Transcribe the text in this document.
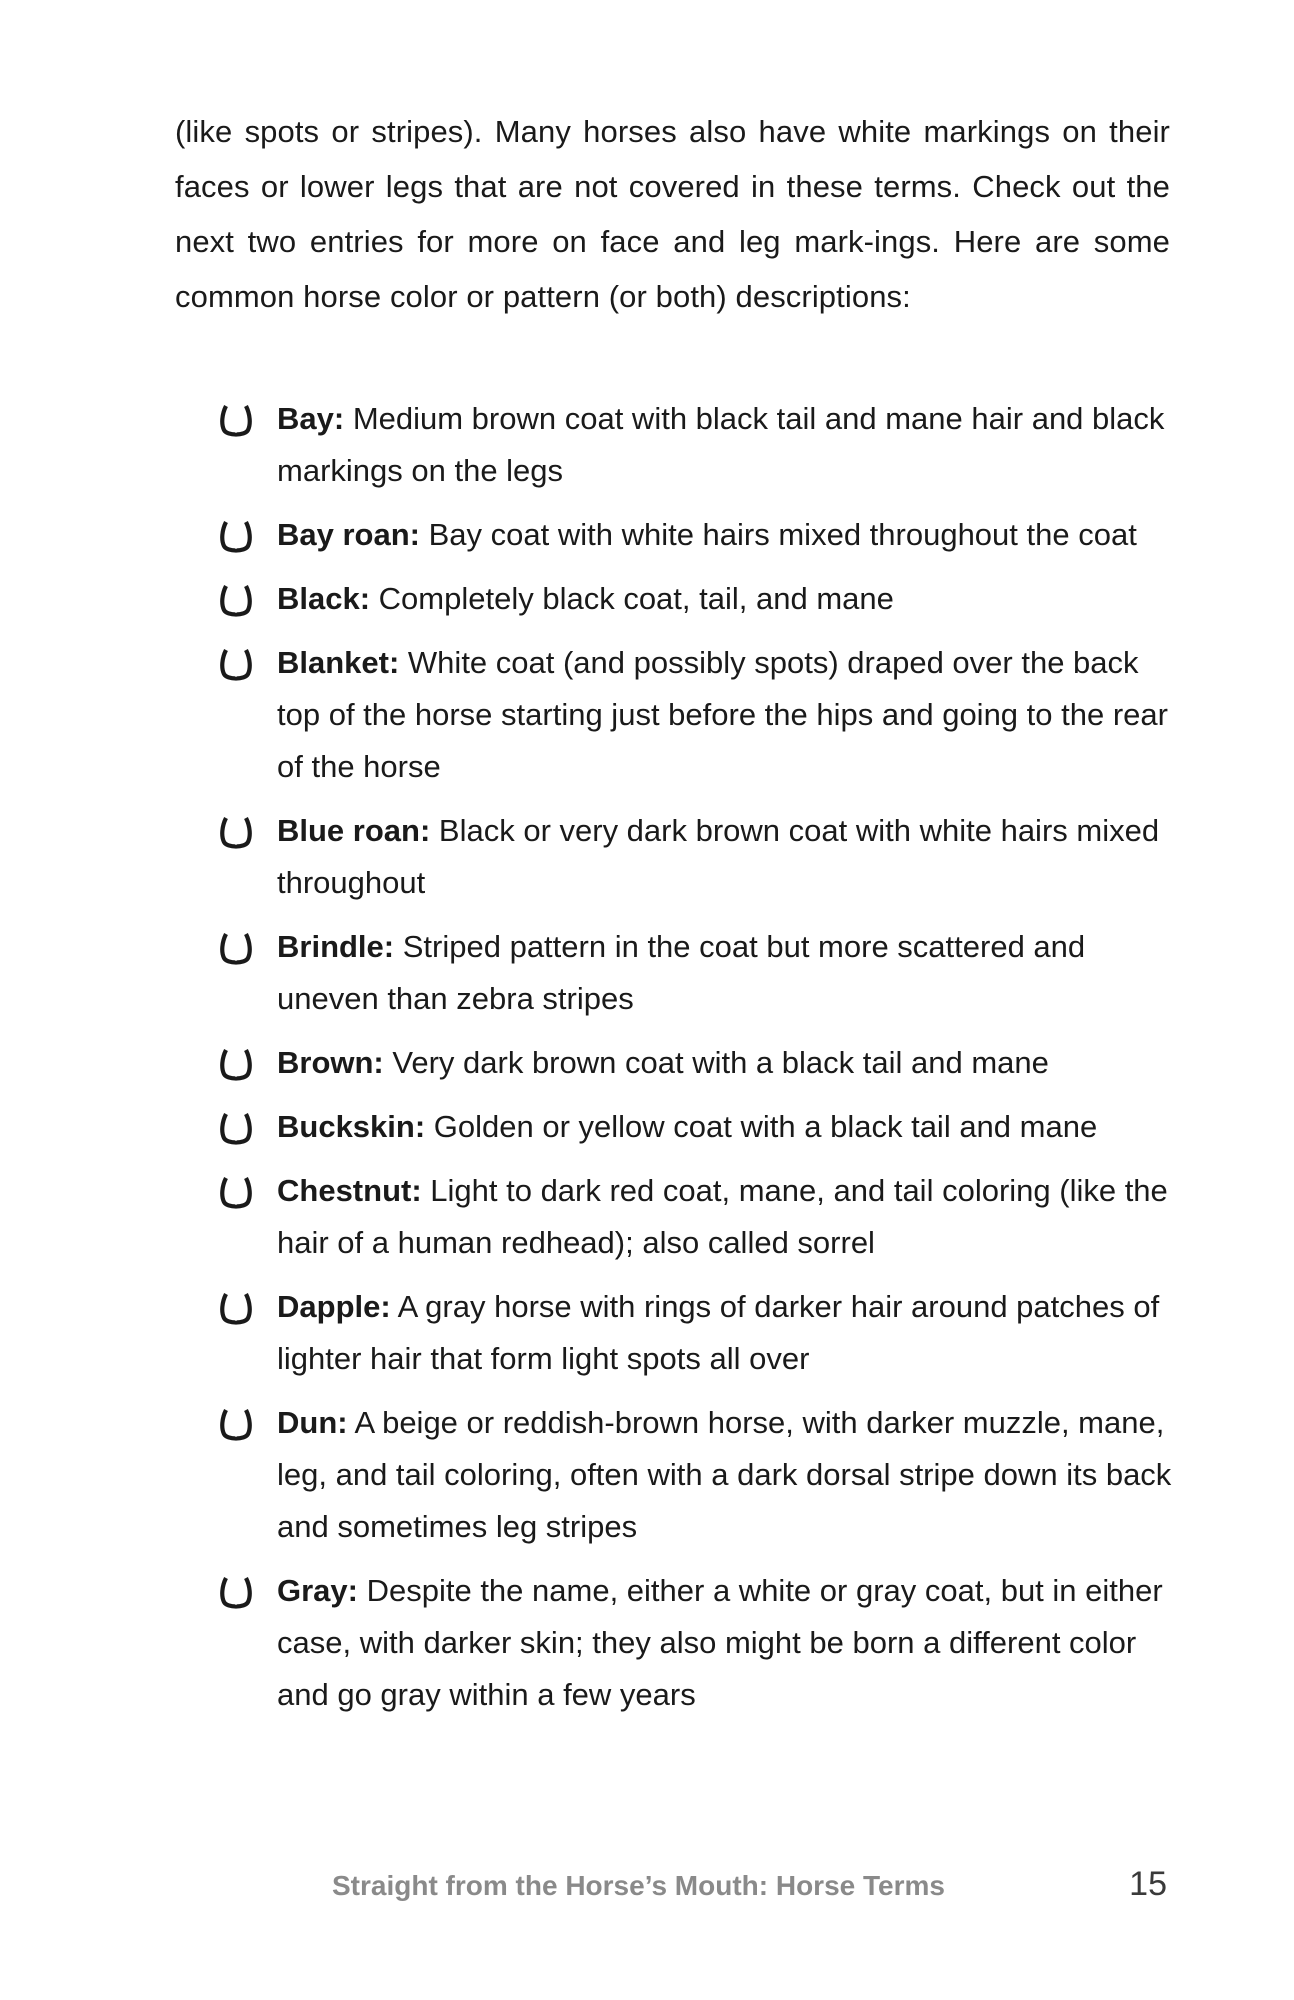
(like spots or stripes). Many horses also have white markings on their faces or lower legs that are not covered in these terms. Check out the next two entries for more on face and leg mark-ings. Here are some common horse color or pattern (or both) descriptions:

Bay: Medium brown coat with black tail and mane hair and black markings on the legs
Bay roan: Bay coat with white hairs mixed throughout the coat
Black: Completely black coat, tail, and mane
Blanket: White coat (and possibly spots) draped over the back top of the horse starting just before the hips and going to the rear of the horse
Blue roan: Black or very dark brown coat with white hairs mixed throughout
Brindle: Striped pattern in the coat but more scattered and uneven than zebra stripes
Brown: Very dark brown coat with a black tail and mane
Buckskin: Golden or yellow coat with a black tail and mane
Chestnut: Light to dark red coat, mane, and tail coloring (like the hair of a human redhead); also called sorrel
Dapple: A gray horse with rings of darker hair around patches of lighter hair that form light spots all over
Dun: A beige or reddish-brown horse, with darker muzzle, mane, leg, and tail coloring, often with a dark dorsal stripe down its back and sometimes leg stripes
Gray: Despite the name, either a white or gray coat, but in either case, with darker skin; they also might be born a different color and go gray within a few years
Straight from the Horse’s Mouth: Horse Terms	15
